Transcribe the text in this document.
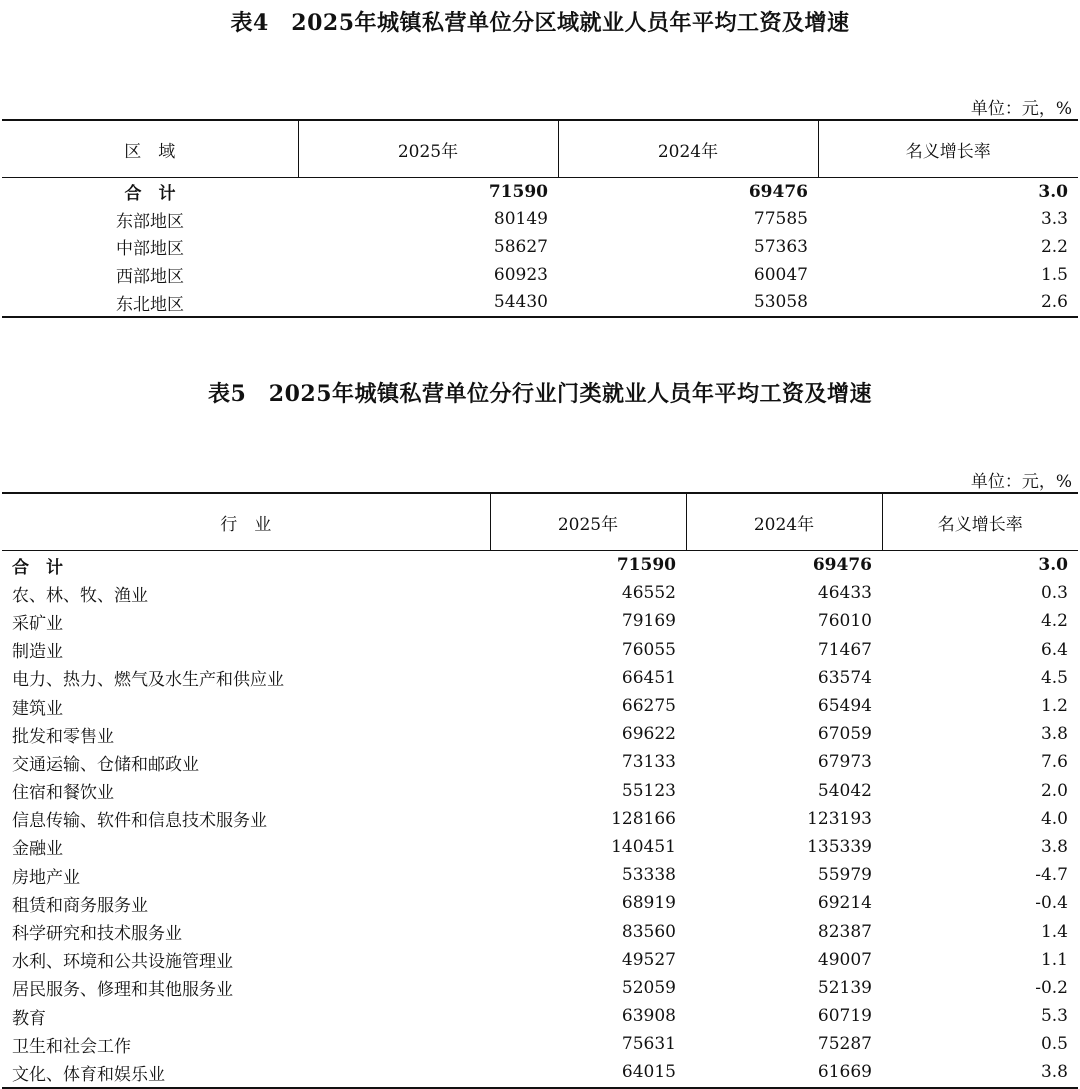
表4　2025年城镇私营单位分区域就业人员年平均工资及增速
单位：元，%
区　域	2025年	2024年	名义增长率
合　计	71590	69476	3.0
东部地区	80149	77585	3.3
中部地区	58627	57363	2.2
西部地区	60923	60047	1.5
东北地区	54430	53058	2.6
表5　2025年城镇私营单位分行业门类就业人员年平均工资及增速
单位：元，%
行　业	2025年	2024年	名义增长率
合　计	71590	69476	3.0
农、林、牧、渔业	46552	46433	0.3
采矿业	79169	76010	4.2
制造业	76055	71467	6.4
电力、热力、燃气及水生产和供应业	66451	63574	4.5
建筑业	66275	65494	1.2
批发和零售业	69622	67059	3.8
交通运输、仓储和邮政业	73133	67973	7.6
住宿和餐饮业	55123	54042	2.0
信息传输、软件和信息技术服务业	128166	123193	4.0
金融业	140451	135339	3.8
房地产业	53338	55979	-4.7
租赁和商务服务业	68919	69214	-0.4
科学研究和技术服务业	83560	82387	1.4
水利、环境和公共设施管理业	49527	49007	1.1
居民服务、修理和其他服务业	52059	52139	-0.2
教育	63908	60719	5.3
卫生和社会工作	75631	75287	0.5
文化、体育和娱乐业	64015	61669	3.8
